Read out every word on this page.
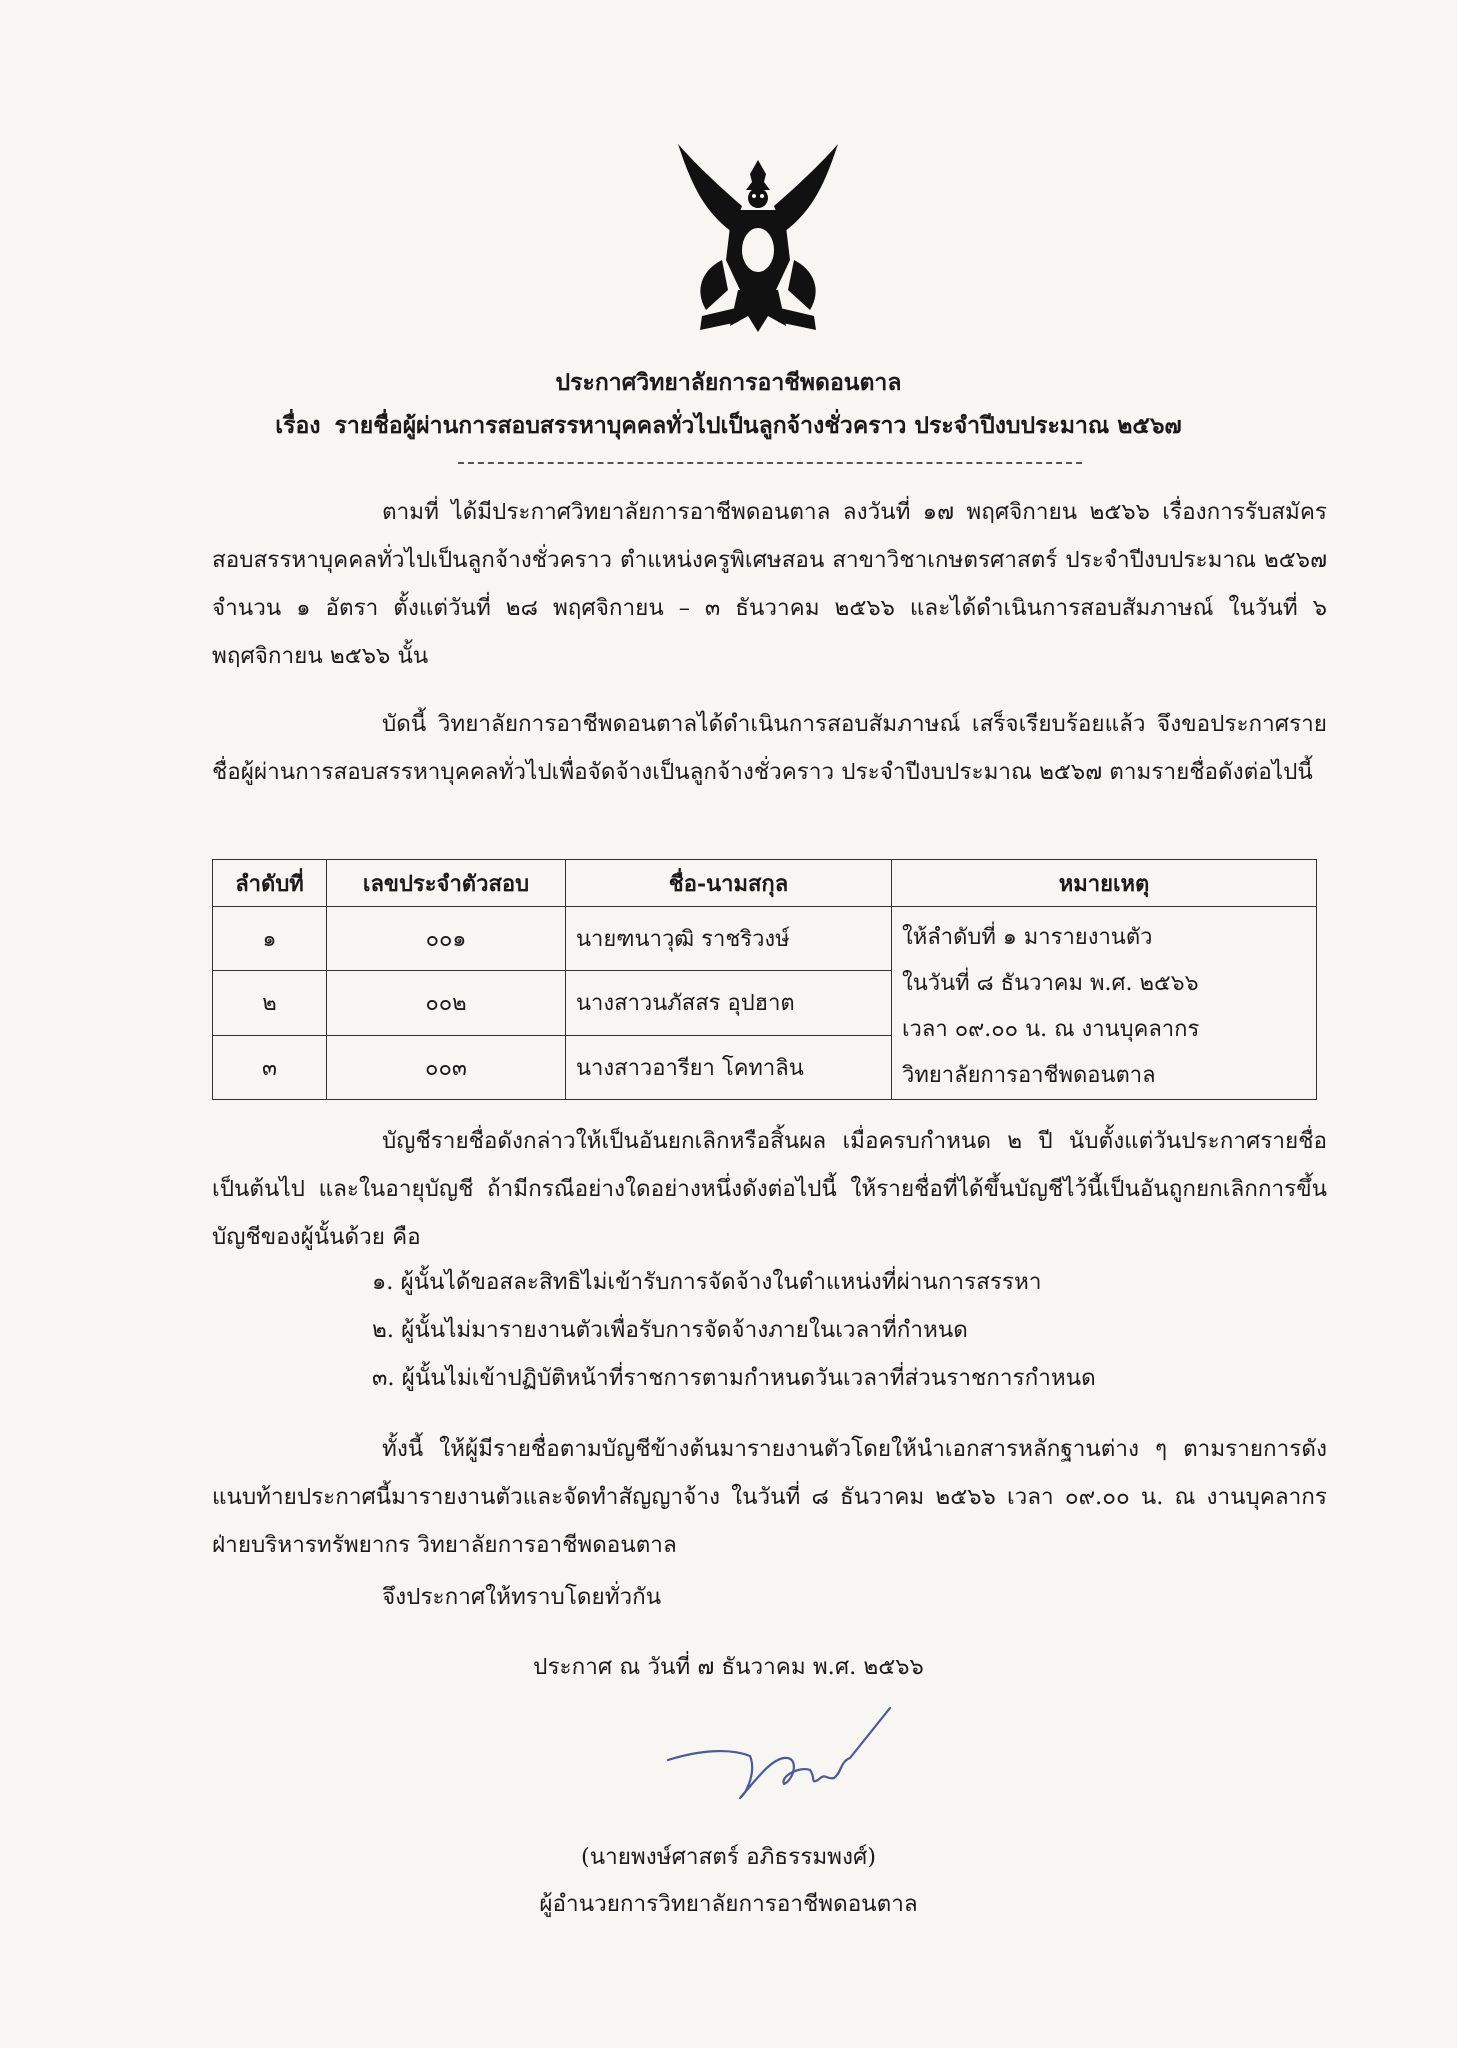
ประกาศวิทยาลัยการอาชีพดอนตาล
เรื่อง รายชื่อผู้ผ่านการสอบสรรหาบุคคลทั่วไปเป็นลูกจ้างชั่วคราว ประจำปีงบประมาณ ๒๕๖๗
ตามที่ ได้มีประกาศวิทยาลัยการอาชีพดอนตาล ลงวันที่ ๑๗ พฤศจิกายน ๒๕๖๖ เรื่องการรับสมัครสอบสรรหาบุคคลทั่วไปเป็นลูกจ้างชั่วคราว ตำแหน่งครูพิเศษสอน สาขาวิชาเกษตรศาสตร์ ประจำปีงบประมาณ ๒๕๖๗ จำนวน ๑ อัตรา ตั้งแต่วันที่ ๒๘ พฤศจิกายน – ๓ ธันวาคม ๒๕๖๖ และได้ดำเนินการสอบสัมภาษณ์ ในวันที่ ๖ พฤศจิกายน ๒๕๖๖ นั้น
บัดนี้ วิทยาลัยการอาชีพดอนตาลได้ดำเนินการสอบสัมภาษณ์ เสร็จเรียบร้อยแล้ว จึงขอประกาศรายชื่อผู้ผ่านการสอบสรรหาบุคคลทั่วไปเพื่อจัดจ้างเป็นลูกจ้างชั่วคราว ประจำปีงบประมาณ ๒๕๖๗ ตามรายชื่อดังต่อไปนี้
ลำดับที่	เลขประจำตัวสอบ	ชื่อ-นามสกุล	หมายเหตุ
๑	๐๐๑	นายฑนาวุฒิ ราชริวงษ์	ให้ลำดับที่ ๑ มารายงานตัว
ในวันที่ ๘ ธันวาคม พ.ศ. ๒๕๖๖
เวลา ๐๙.๐๐ น. ณ งานบุคลากร
วิทยาลัยการอาชีพดอนตาล

๒	๐๐๒	นางสาวนภัสสร อุปฮาต	
๓	๐๐๓	นางสาวอารียา โคทาลิน	
บัญชีรายชื่อดังกล่าวให้เป็นอันยกเลิกหรือสิ้นผล เมื่อครบกำหนด ๒ ปี นับตั้งแต่วันประกาศรายชื่อเป็นต้นไป และในอายุบัญชี ถ้ามีกรณีอย่างใดอย่างหนึ่งดังต่อไปนี้ ให้รายชื่อที่ได้ขึ้นบัญชีไว้นี้เป็นอันถูกยกเลิกการขึ้นบัญชีของผู้นั้นด้วย คือ
๑. ผู้นั้นได้ขอสละสิทธิไม่เข้ารับการจัดจ้างในตำแหน่งที่ผ่านการสรรหา
๒. ผู้นั้นไม่มารายงานตัวเพื่อรับการจัดจ้างภายในเวลาที่กำหนด
๓. ผู้นั้นไม่เข้าปฏิบัติหน้าที่ราชการตามกำหนดวันเวลาที่ส่วนราชการกำหนด
ทั้งนี้ ให้ผู้มีรายชื่อตามบัญชีข้างต้นมารายงานตัวโดยให้นำเอกสารหลักฐานต่าง ๆ ตามรายการดังแนบท้ายประกาศนี้มารายงานตัวและจัดทำสัญญาจ้าง ในวันที่ ๘ ธันวาคม ๒๕๖๖ เวลา ๐๙.๐๐ น. ณ งานบุคลากร ฝ่ายบริหารทรัพยากร วิทยาลัยการอาชีพดอนตาล
จึงประกาศให้ทราบโดยทั่วกัน
ประกาศ ณ วันที่ ๗ ธันวาคม พ.ศ. ๒๕๖๖
(นายพงษ์ศาสตร์ อภิธรรมพงศ์)
ผู้อำนวยการวิทยาลัยการอาชีพดอนตาล
